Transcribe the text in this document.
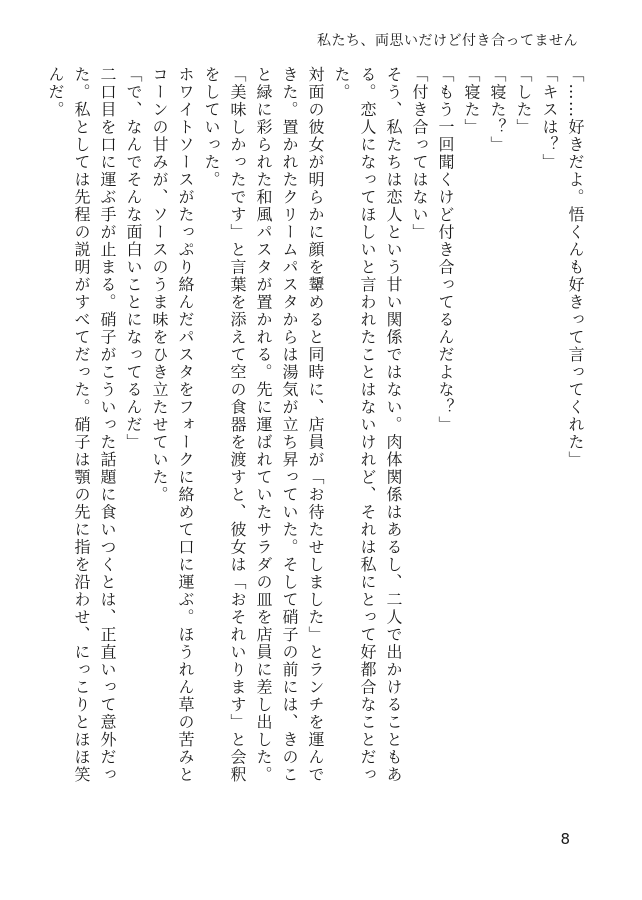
私たち、両思いだけど付き合ってません

「……好きだよ。悟くんも好きって言ってくれた」

「キスは？」

「した」

「寝た？」

「寝た」

「もう一回聞くけど付き合ってるんだよな？」

「付き合ってはない」

そう、私たちは恋人という甘い関係ではない。肉体関係はあるし、二人で出かけることもある。恋人になってほしいと言われたことはないけれど、それは私にとって好都合なことだった。

対面の彼女が明らかに顔を顰めると同時に、店員が「お待たせしました」とランチを運んできた。置かれたクリームパスタからは湯気が立ち昇っていた。そして硝子の前には、きのこと緑に彩られた和風パスタが置かれる。先に運ばれていたサラダの皿を店員に差し出した。「美味しかったです」と言葉を添えて空の食器を渡すと、彼女は「おそれいります」と会釈をしていった。

ホワイトソースがたっぷり絡んだパスタをフォークに絡めて口に運ぶ。ほうれん草の苦みとコーンの甘みが、ソースのうま味をひき立たせていた。

「で、なんでそんな面白いことになってるんだ」

二口目を口に運ぶ手が止まる。硝子がこういった話題に食いつくとは、正直いって意外だった。私としては先程の説明がすべてだった。硝子は顎の先に指を沿わせ、にっこりとほほ笑んだ。

8
